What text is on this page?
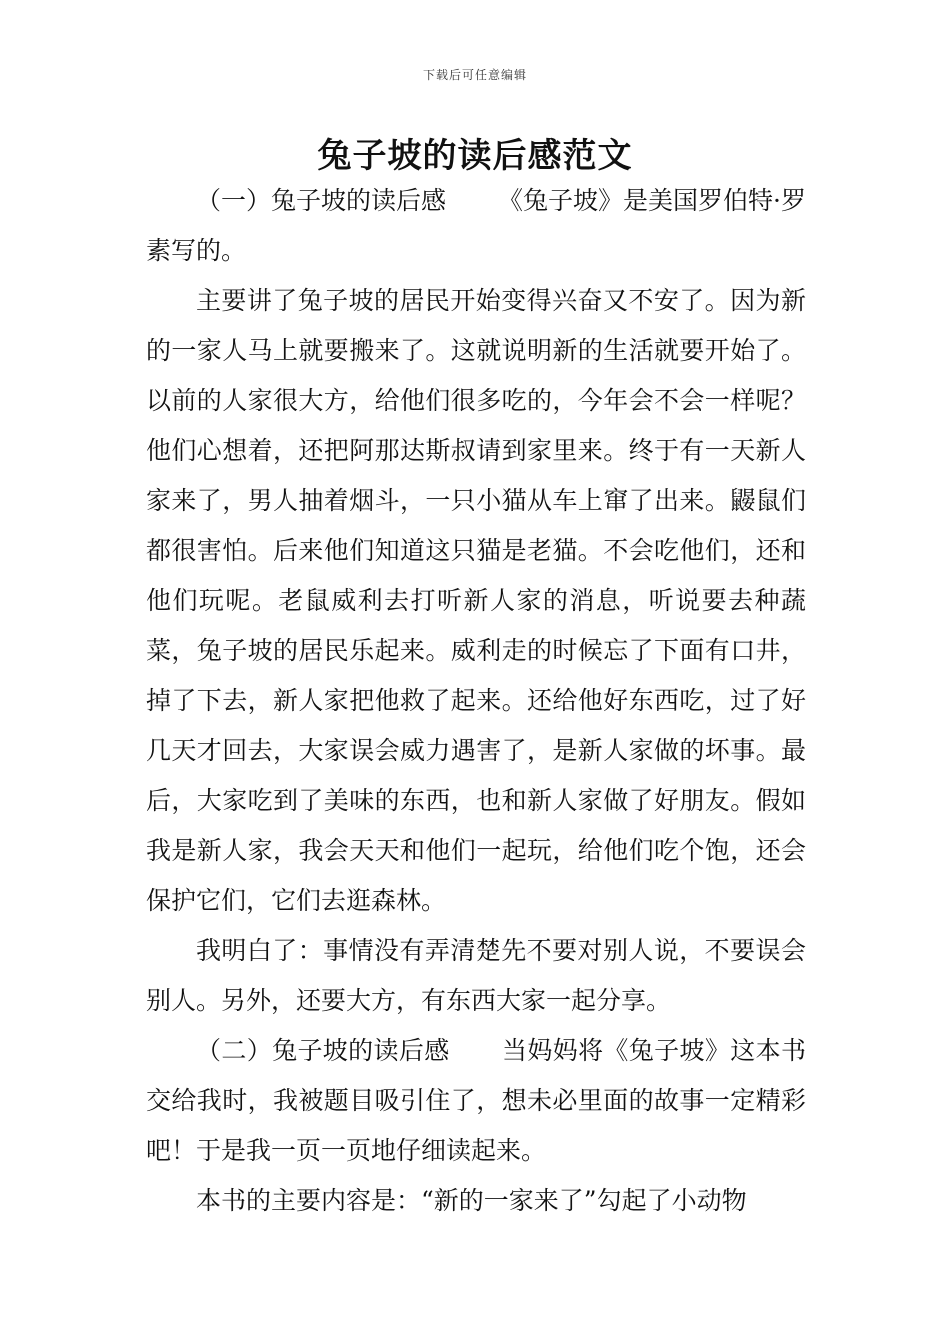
下载后可任意编辑
兔子坡的读后感范文

（一）兔子坡的读后感 《兔子坡》是美国罗伯特·罗素写的。

主要讲了兔子坡的居民开始变得兴奋又不安了。因为新的一家人马上就要搬来了。这就说明新的生活就要开始了。以前的人家很大方，给他们很多吃的，今年会不会一样呢？他们心想着，还把阿那达斯叔请到家里来。终于有一天新人家来了，男人抽着烟斗，一只小猫从车上窜了出来。鼹鼠们都很害怕。后来他们知道这只猫是老猫。不会吃他们，还和他们玩呢。老鼠威利去打听新人家的消息，听说要去种蔬菜，兔子坡的居民乐起来。威利走的时候忘了下面有口井，掉了下去，新人家把他救了起来。还给他好东西吃，过了好几天才回去，大家误会威力遇害了，是新人家做的坏事。最后，大家吃到了美味的东西，也和新人家做了好朋友。假如我是新人家，我会天天和他们一起玩，给他们吃个饱，还会保护它们，它们去逛森林。

我明白了：事情没有弄清楚先不要对别人说，不要误会别人。另外，还要大方，有东西大家一起分享。

（二）兔子坡的读后感 当妈妈将《兔子坡》这本书交给我时，我被题目吸引住了，想未必里面的故事一定精彩吧！于是我一页一页地仔细读起来。

本书的主要内容是：“新的一家来了”勾起了小动物
